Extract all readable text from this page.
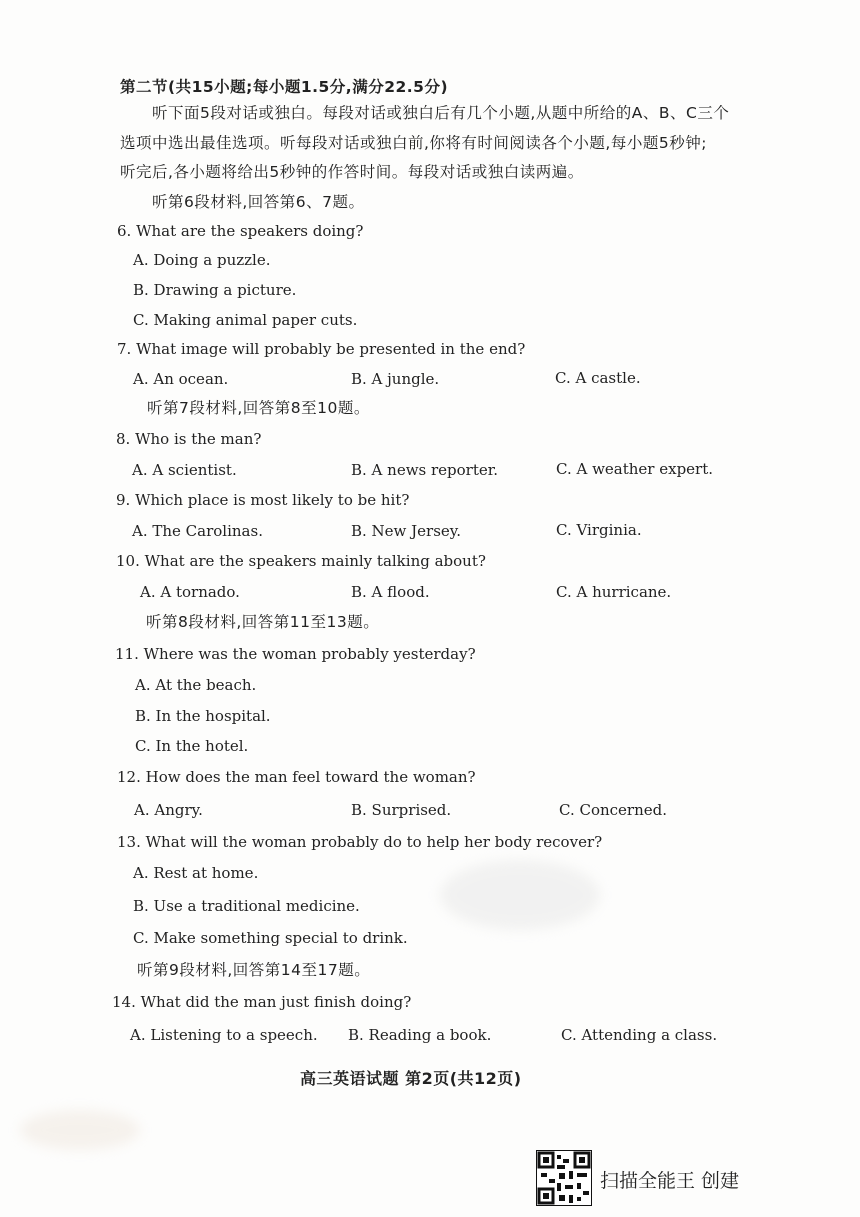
第二节(共15小题;每小题1.5分,满分22.5分)
听下面5段对话或独白。每段对话或独白后有几个小题,从题中所给的A、B、C三个
选项中选出最佳选项。听每段对话或独白前,你将有时间阅读各个小题,每小题5秒钟;
听完后,各小题将给出5秒钟的作答时间。每段对话或独白读两遍。
听第6段材料,回答第6、7题。
6. What are the speakers doing?
A. Doing a puzzle.
B. Drawing a picture.
C. Making animal paper cuts.
7. What image will probably be presented in the end?
A. An ocean.	B. A jungle.	C. A castle.
听第7段材料,回答第8至10题。
8. Who is the man?
A. A scientist.	B. A news reporter.	C. A weather expert.
9. Which place is most likely to be hit?
A. The Carolinas.	B. New Jersey.	C. Virginia.
10. What are the speakers mainly talking about?
A. A tornado.	B. A flood.	C. A hurricane.
听第8段材料,回答第11至13题。
11. Where was the woman probably yesterday?
A. At the beach.
B. In the hospital.
C. In the hotel.
12. How does the man feel toward the woman?
A. Angry.	B. Surprised.	C. Concerned.
13. What will the woman probably do to help her body recover?
A. Rest at home.
B. Use a traditional medicine.
C. Make something special to drink.
听第9段材料,回答第14至17题。
14. What did the man just finish doing?
A. Listening to a speech. B. Reading a book.	C. Attending a class.
高三英语试题 第2页(共12页)
扫描全能王 创建
